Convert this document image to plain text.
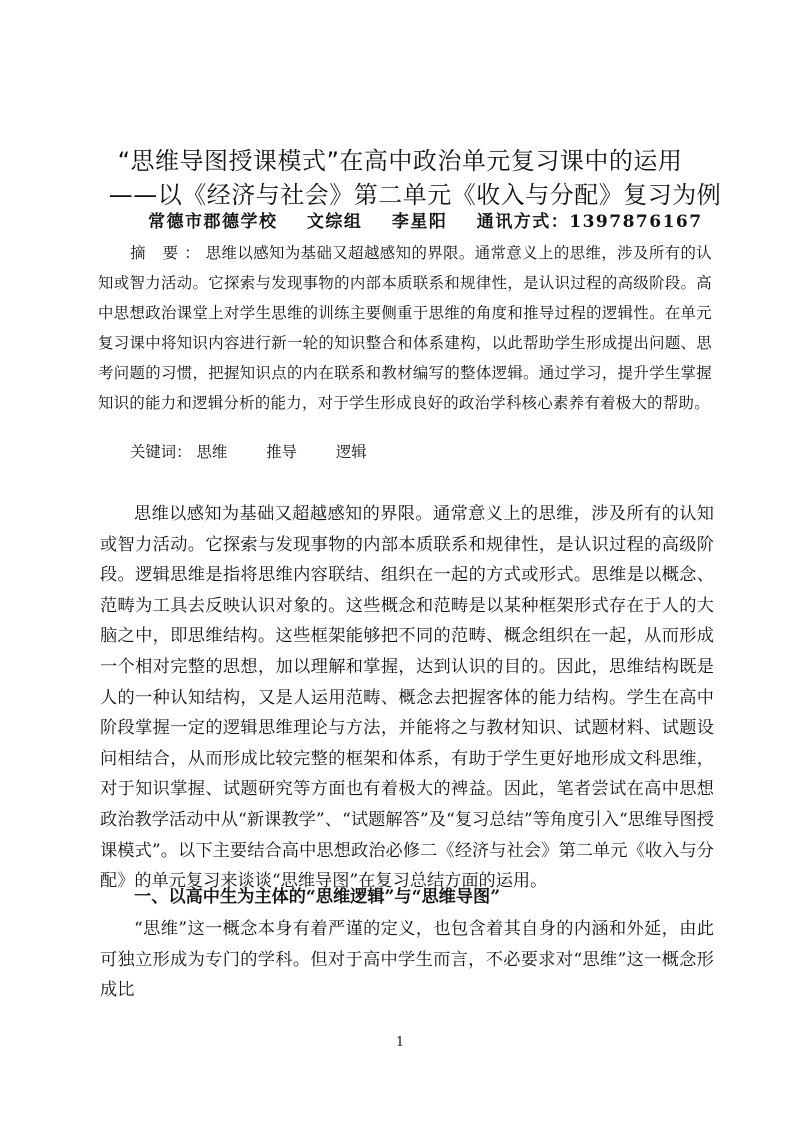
“思维导图授课模式”在高中政治单元复习课中的运用
——以《经济与社会》第二单元《收入与分配》复习为例
常德市郡德学校 文综组 李星阳 通讯方式：1397876167
摘 要：思维以感知为基础又超越感知的界限。通常意义上的思维，涉及所有的认知或智力活动。它探索与发现事物的内部本质联系和规律性，是认识过程的高级阶段。高中思想政治课堂上对学生思维的训练主要侧重于思维的角度和推导过程的逻辑性。在单元复习课中将知识内容进行新一轮的知识整合和体系建构，以此帮助学生形成提出问题、思考问题的习惯，把握知识点的内在联系和教材编写的整体逻辑。通过学习，提升学生掌握知识的能力和逻辑分析的能力，对于学生形成良好的政治学科核心素养有着极大的帮助。
关键词： 思维	推导	逻辑

思维以感知为基础又超越感知的界限。通常意义上的思维，涉及所有的认知或智力活动。它探索与发现事物的内部本质联系和规律性，是认识过程的高级阶段。逻辑思维是指将思维内容联结、组织在一起的方式或形式。思维是以概念、范畴为工具去反映认识对象的。这些概念和范畴是以某种框架形式存在于人的大脑之中，即思维结构。这些框架能够把不同的范畴、概念组织在一起，从而形成一个相对完整的思想，加以理解和掌握，达到认识的目的。因此，思维结构既是人的一种认知结构，又是人运用范畴、概念去把握客体的能力结构。学生在高中阶段掌握一定的逻辑思维理论与方法，并能将之与教材知识、试题材料、试题设问相结合，从而形成比较完整的框架和体系，有助于学生更好地形成文科思维，对于知识掌握、试题研究等方面也有着极大的裨益。因此，笔者尝试在高中思想政治教学活动中从“新课教学”、“试题解答”及“复习总结”等角度引入“思维导图授课模式”。以下主要结合高中思想政治必修二《经济与社会》第二单元《收入与分配》的单元复习来谈谈“思维导图”在复习总结方面的运用。

一、以高中生为主体的“思维逻辑”与“思维导图”

“思维”这一概念本身有着严谨的定义，也包含着其自身的内涵和外延，由此可独立形成为专门的学科。但对于高中学生而言，不必要求对“思维”这一概念形成比

1
